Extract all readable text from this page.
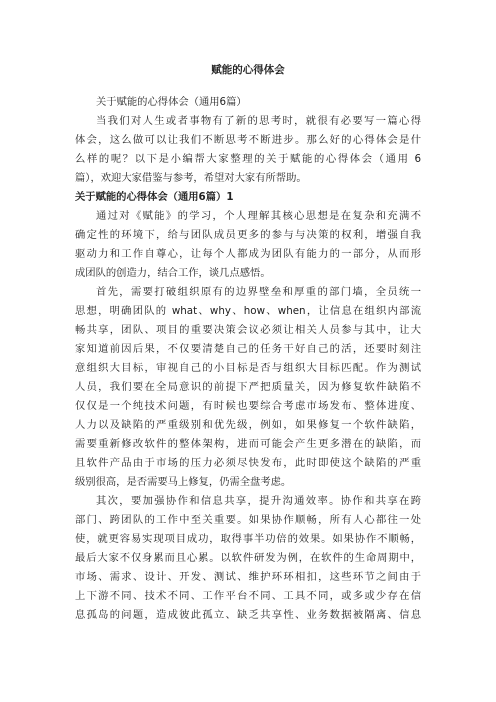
赋能的心得体会
关于赋能的心得体会（通用6篇）
当我们对人生或者事物有了新的思考时，就很有必要写一篇心得
体会，这么做可以让我们不断思考不断进步。那么好的心得体会是什
么样的呢？以下是小编帮大家整理的关于赋能的心得体会（通用 6
篇），欢迎大家借鉴与参考，希望对大家有所帮助。
关于赋能的心得体会（通用6篇）1
通过对《赋能》的学习，个人理解其核心思想是在复杂和充满不
确定性的环境下，给与团队成员更多的参与与决策的权利，增强自我
驱动力和工作自尊心，让每个人都成为团队有能力的一部分，从而形
成团队的创造力，结合工作，谈几点感悟。
首先，需要打破组织原有的边界壁垒和厚重的部门墙，全员统一
思想，明确团队的 what、why、how、when，让信息在组织内部流
畅共享，团队、项目的重要决策会议必须让相关人员参与其中，让大
家知道前因后果，不仅要清楚自己的任务干好自己的活，还要时刻注
意组织大目标，审视自己的小目标是否与组织大目标匹配。作为测试
人员，我们要在全局意识的前提下严把质量关，因为修复软件缺陷不
仅仅是一个纯技术问题，有时候也要综合考虑市场发布、整体进度、
人力以及缺陷的严重级别和优先级，例如，如果修复一个软件缺陷，
需要重新修改软件的整体架构，进而可能会产生更多潜在的缺陷，而
且软件产品由于市场的压力必须尽快发布，此时即使这个缺陷的严重
级别很高，是否需要马上修复，仍需全盘考虑。
其次，要加强协作和信息共享，提升沟通效率。协作和共享在跨
部门、跨团队的工作中至关重要。如果协作顺畅，所有人心都往一处
使，就更容易实现项目成功，取得事半功倍的效果。如果协作不顺畅，
最后大家不仅身累而且心累。以软件研发为例，在软件的生命周期中，
市场、需求、设计、开发、测试、维护环环相扣，这些环节之间由于
上下游不同、技术不同、工作平台不同、工具不同，或多或少存在信
息孤岛的问题，造成彼此孤立、缺乏共享性、业务数据被隔离、信息
